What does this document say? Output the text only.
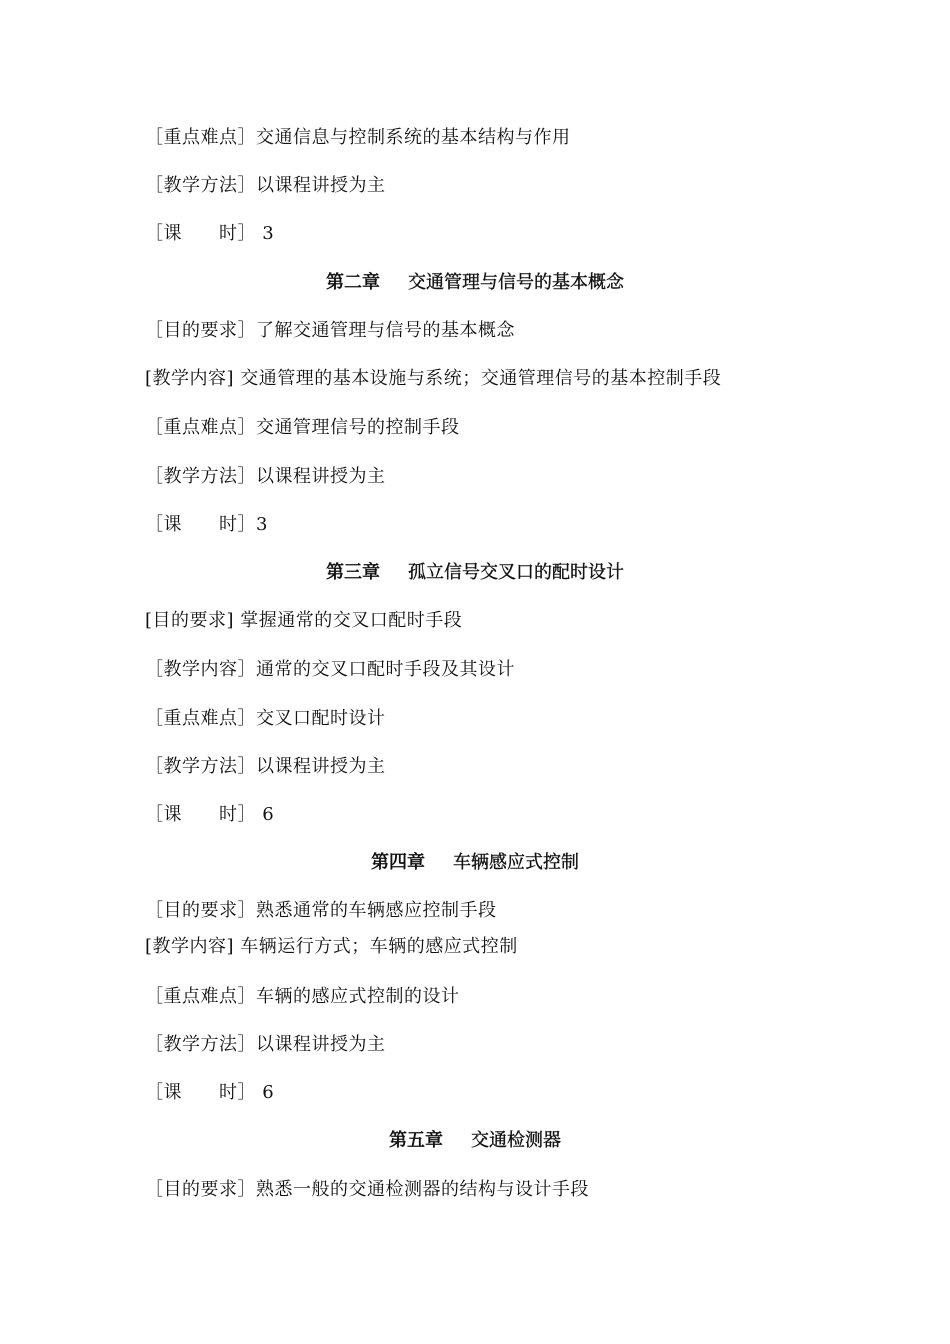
［重点难点］交通信息与控制系统的基本结构与作用
［教学方法］以课程讲授为主
［课　　时］ 3
第二章 交通管理与信号的基本概念
［目的要求］了解交通管理与信号的基本概念
[教学内容] 交通管理的基本设施与系统；交通管理信号的基本控制手段
［重点难点］交通管理信号的控制手段
［教学方法］以课程讲授为主
［课　　时］3
第三章 孤立信号交叉口的配时设计
[目的要求] 掌握通常的交叉口配时手段
［教学内容］通常的交叉口配时手段及其设计
［重点难点］交叉口配时设计
［教学方法］以课程讲授为主
［课　　时］ 6
第四章 车辆感应式控制
［目的要求］熟悉通常的车辆感应控制手段
[教学内容] 车辆运行方式；车辆的感应式控制
［重点难点］车辆的感应式控制的设计
［教学方法］以课程讲授为主
［课　　时］ 6
第五章 交通检测器
［目的要求］熟悉一般的交通检测器的结构与设计手段
